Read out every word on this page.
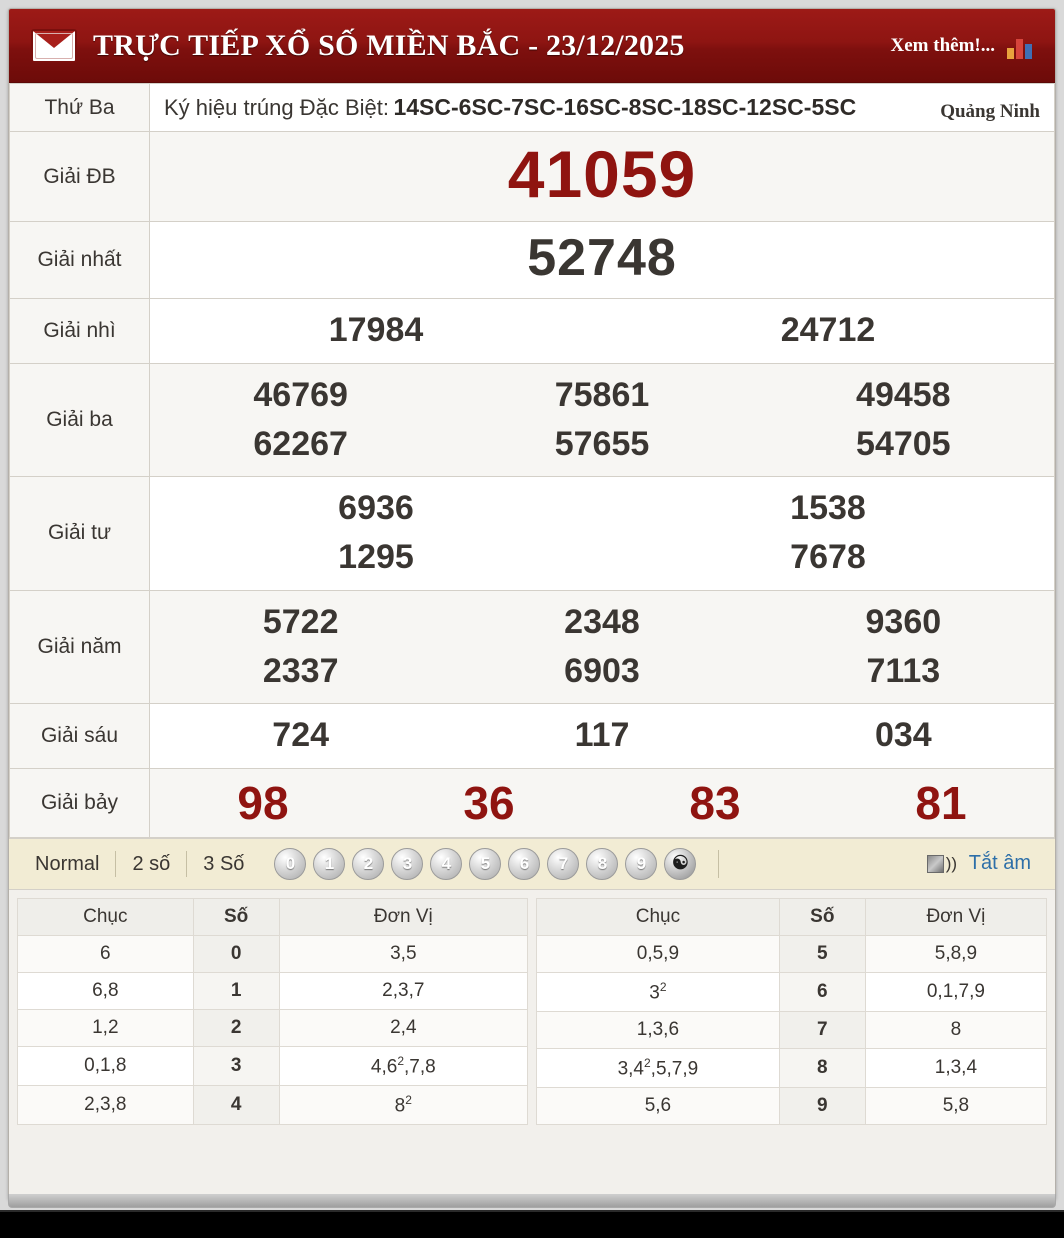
TRỰC TIẾP XỔ SỐ MIỀN BẮC - 23/12/2025	Xem thêm!...
Thứ Ba	Ký hiệu trúng Đặc Biệt: 14SC-6SC-7SC-16SC-8SC-18SC-12SC-5SC Quảng Ninh

Giải ĐB	41059

Giải nhất	52748

Giải nhì	17984 24712

Giải ba	
46769	75861	49458
62267	57655	54705

Giải tư	6936 1538
1295 7678

Giải năm	
5722	2348	9360
2337	6903	7113

Giải sáu	724 117 034

Giải bảy	98 36 83 81
Normal	2 số	3 Số	0	1	2	3	4	5	6	7	8	9	☯	)) Tắt âm
Chục	Số	Đơn Vị
6	0	3,5
6,8	1	2,3,7
1,2	2	2,4
0,1,8	3	$4,6^2,7,8$
2,3,8	4	$8^2$
Chục	Số	Đơn Vị
0,5,9	5	5,8,9
$3^2$	6	0,1,7,9
1,3,6	7	8
$3,4^2,5,7,9$	8	1,3,4
5,6	9	5,8
